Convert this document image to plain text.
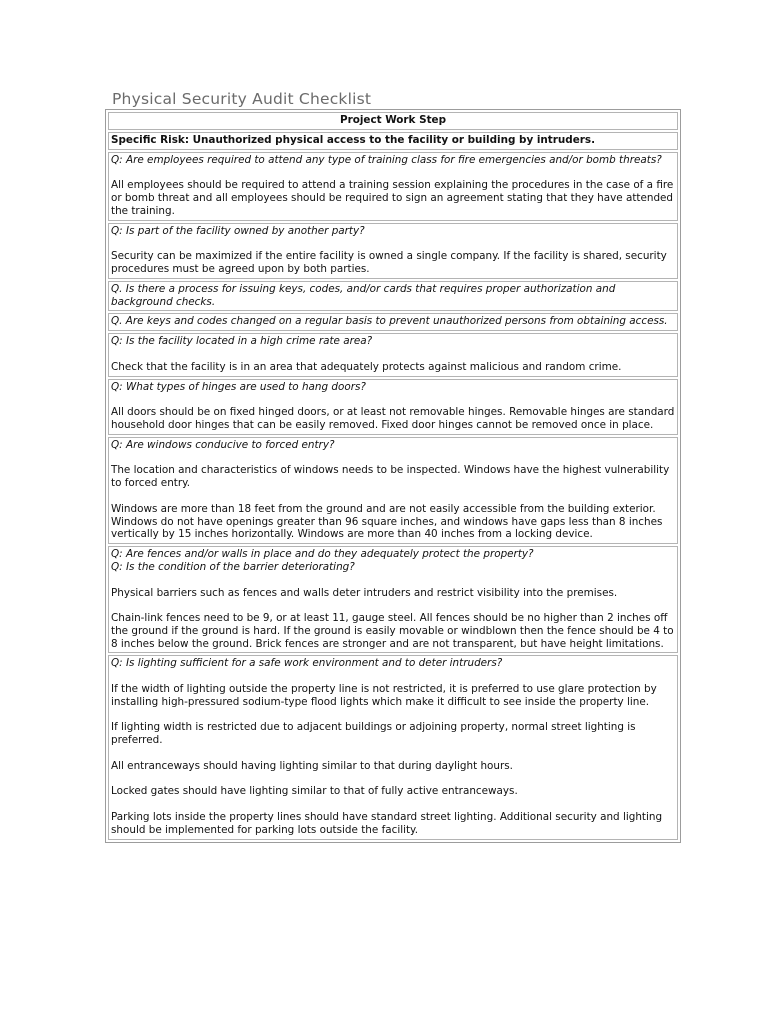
Physical Security Audit Checklist
Project Work Step
Specific Risk: Unauthorized physical access to the facility or building by intruders.

Q: Are employees required to attend any type of training class for fire emergencies and/or bomb threats?

All employees should be required to attend a training session explaining the procedures in the case of a fire or bomb threat and all employees should be required to sign an agreement stating that they have attended the training.

Q: Is part of the facility owned by another party?

Security can be maximized if the entire facility is owned a single company. If the facility is shared, security procedures must be agreed upon by both parties.

Q. Is there a process for issuing keys, codes, and/or cards that requires proper authorization and background checks.

Q. Are keys and codes changed on a regular basis to prevent unauthorized persons from obtaining access.

Q: Is the facility located in a high crime rate area?

Check that the facility is in an area that adequately protects against malicious and random crime.

Q: What types of hinges are used to hang doors?

All doors should be on fixed hinged doors, or at least not removable hinges. Removable hinges are standard household door hinges that can be easily removed. Fixed door hinges cannot be removed once in place.

Q: Are windows conducive to forced entry?

The location and characteristics of windows needs to be inspected. Windows have the highest vulnerability to forced entry.

Windows are more than 18 feet from the ground and are not easily accessible from the building exterior. Windows do not have openings greater than 96 square inches, and windows have gaps less than 8 inches vertically by 15 inches horizontally. Windows are more than 40 inches from a locking device.

Q: Are fences and/or walls in place and do they adequately protect the property?

Q: Is the condition of the barrier deteriorating?

Physical barriers such as fences and walls deter intruders and restrict visibility into the premises.

Chain-link fences need to be 9, or at least 11, gauge steel. All fences should be no higher than 2 inches off the ground if the ground is hard. If the ground is easily movable or windblown then the fence should be 4 to 8 inches below the ground. Brick fences are stronger and are not transparent, but have height limitations.

Q: Is lighting sufficient for a safe work environment and to deter intruders?

If the width of lighting outside the property line is not restricted, it is preferred to use glare protection by installing high-pressured sodium-type flood lights which make it difficult to see inside the property line.

If lighting width is restricted due to adjacent buildings or adjoining property, normal street lighting is preferred.

All entranceways should having lighting similar to that during daylight hours.

Locked gates should have lighting similar to that of fully active entranceways.

Parking lots inside the property lines should have standard street lighting. Additional security and lighting should be implemented for parking lots outside the facility.
